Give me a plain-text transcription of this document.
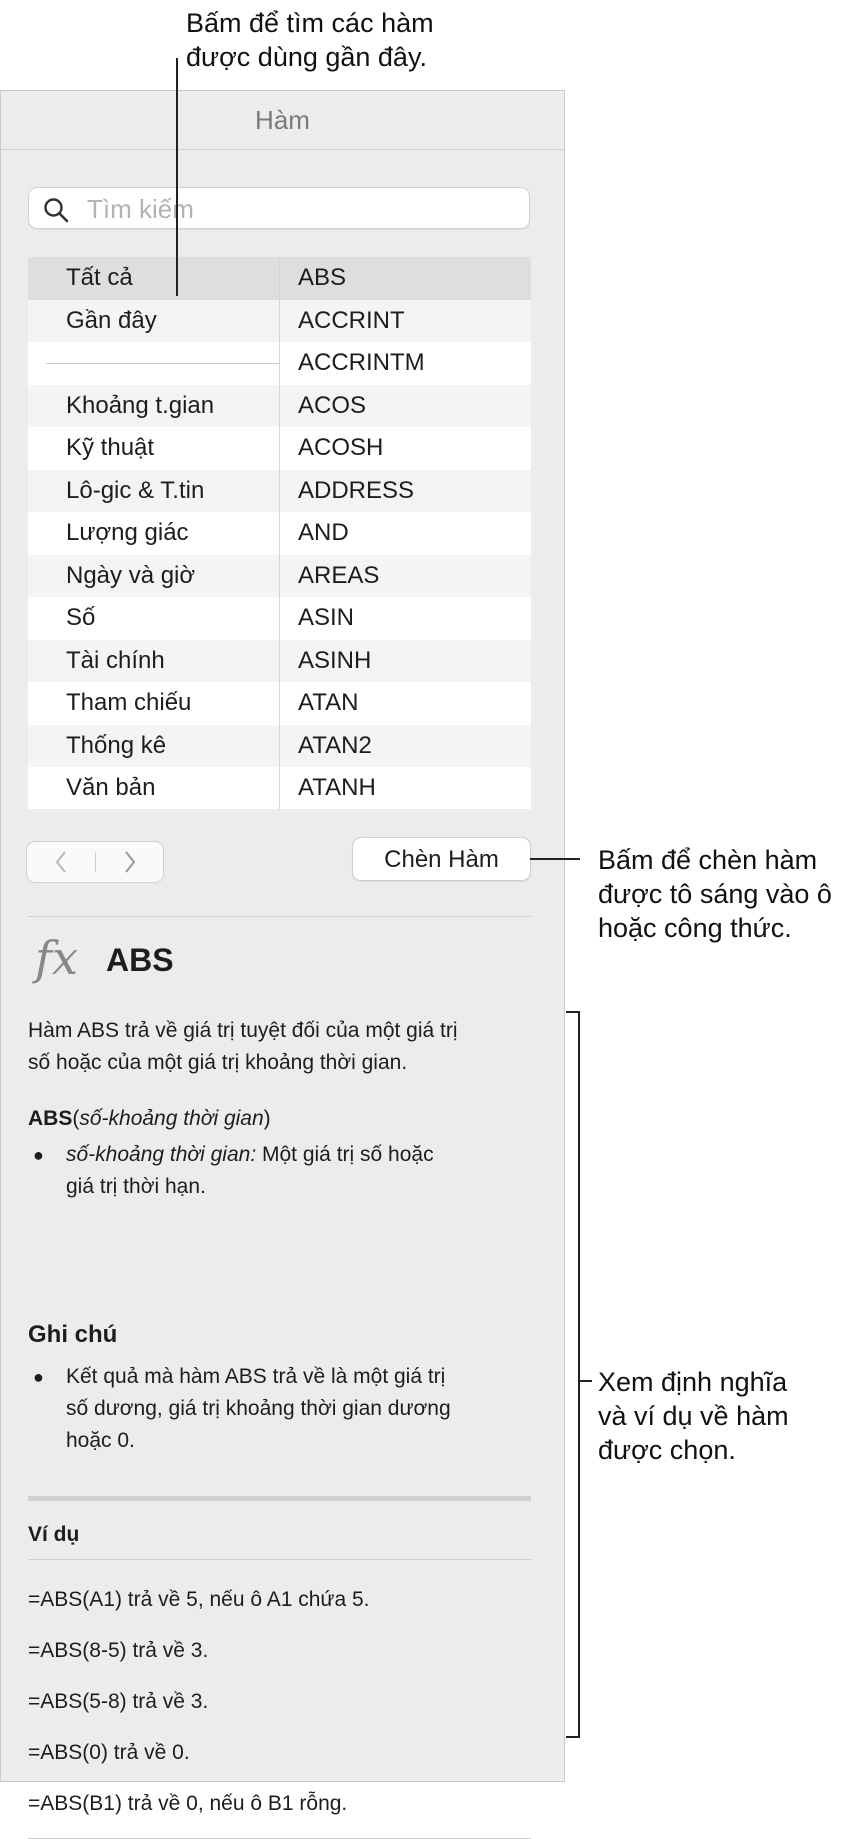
Bấm để tìm các hàm
được dùng gần đây.
Bấm để chèn hàm
được tô sáng vào ô
hoặc công thức.
Xem định nghĩa
và ví dụ về hàm
được chọn.
Hàm
Tìm kiếm
Tất cả
Gần đây
Khoảng t.gian
Kỹ thuật
Lô-gic & T.tin
Lượng giác
Ngày và giờ
Số
Tài chính
Tham chiếu
Thống kê
Văn bản
ABS
ACCRINT
ACCRINTM
ACOS
ACOSH
ADDRESS
AND
AREAS
ASIN
ASINH
ATAN
ATAN2
ATANH
Chèn Hàm
fx ABS
Hàm ABS trả về giá trị tuyệt đối của một giá trị
số hoặc của một giá trị khoảng thời gian.
ABS(số-khoảng thời gian)
● số-khoảng thời gian: Một giá trị số hoặc
giá trị thời hạn.
Ghi chú
● Kết quả mà hàm ABS trả về là một giá trị
số dương, giá trị khoảng thời gian dương
hoặc 0.
Ví dụ
=ABS(A1) trả về 5, nếu ô A1 chứa 5.
=ABS(8-5) trả về 3.
=ABS(5-8) trả về 3.
=ABS(0) trả về 0.
=ABS(B1) trả về 0, nếu ô B1 rỗng.
